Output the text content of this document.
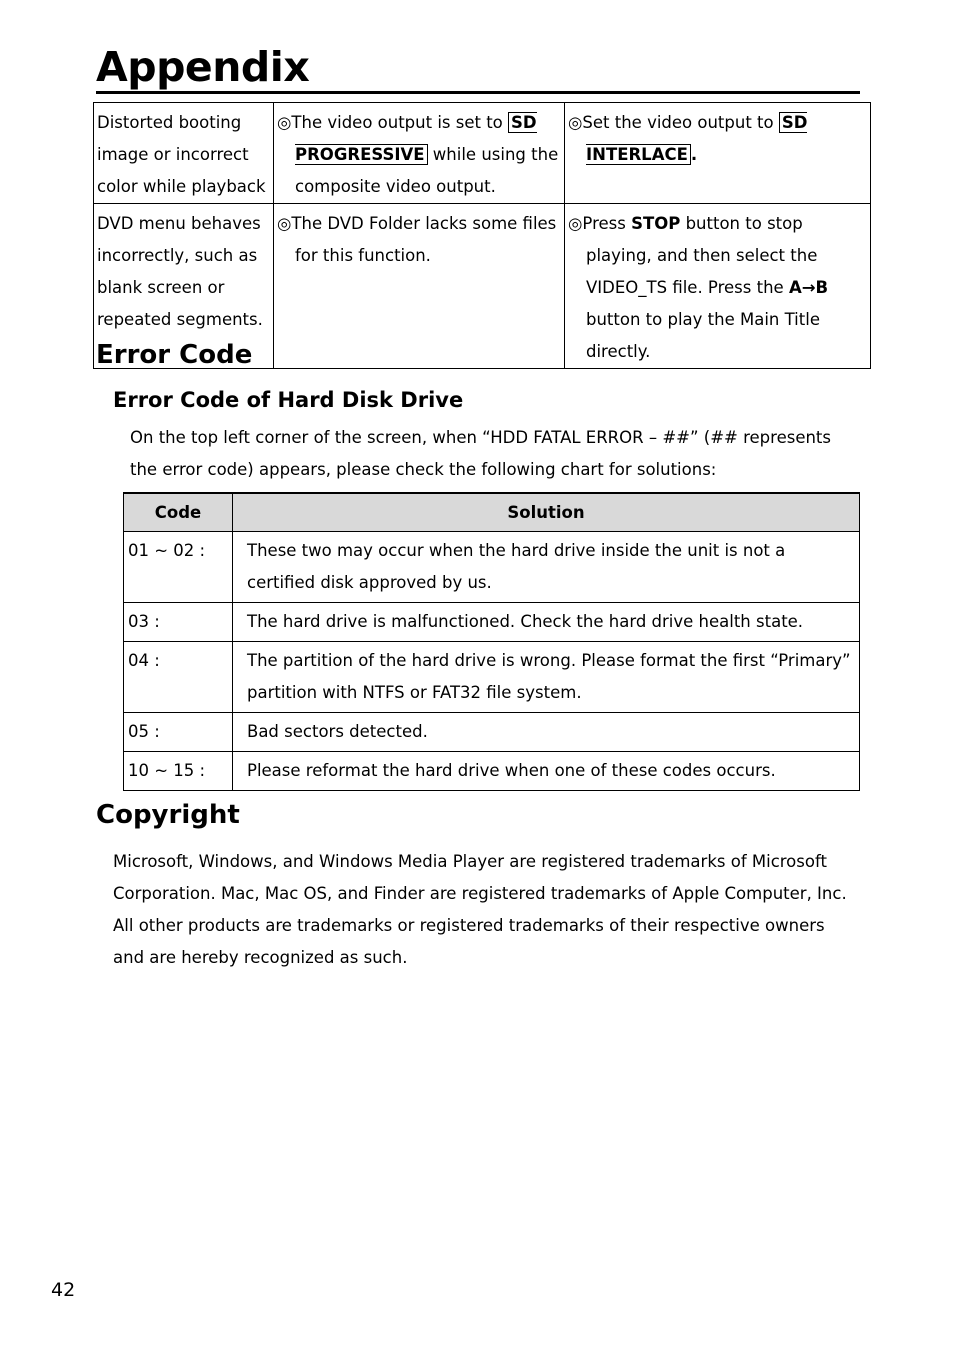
Appendix
Distorted booting image or incorrect color while playback	◎The video output is set to SD PROGRESSIVE while using the composite video output.	◎Set the video output to SD INTERLACE .

DVD menu behaves incorrectly, such as blank screen or repeated segments.	◎The DVD Folder lacks some files for this function.	◎Press STOP button to stop playing, and then select the VIDEO_TS file. Press the A→B button to play the Main Title directly.
Error Code
Error Code of Hard Disk Drive

On the top left corner of the screen, when “HDD FATAL ERROR – ##” (## represents the error code) appears, please check the following chart for solutions:

Code	Solution
01 ~ 02 :	These two may occur when the hard drive inside the unit is not a certified disk approved by us.
03 :	The hard drive is malfunctioned. Check the hard drive health state.
04 :	The partition of the hard drive is wrong. Please format the first “Primary” partition with NTFS or FAT32 file system.
05 :	Bad sectors detected.
10 ~ 15 :	Please reformat the hard drive when one of these codes occurs.
Copyright

Microsoft, Windows, and Windows Media Player are registered trademarks of Microsoft Corporation. Mac, Mac OS, and Finder are registered trademarks of Apple Computer, Inc. All other products are trademarks or registered trademarks of their respective owners and are hereby recognized as such.

42
